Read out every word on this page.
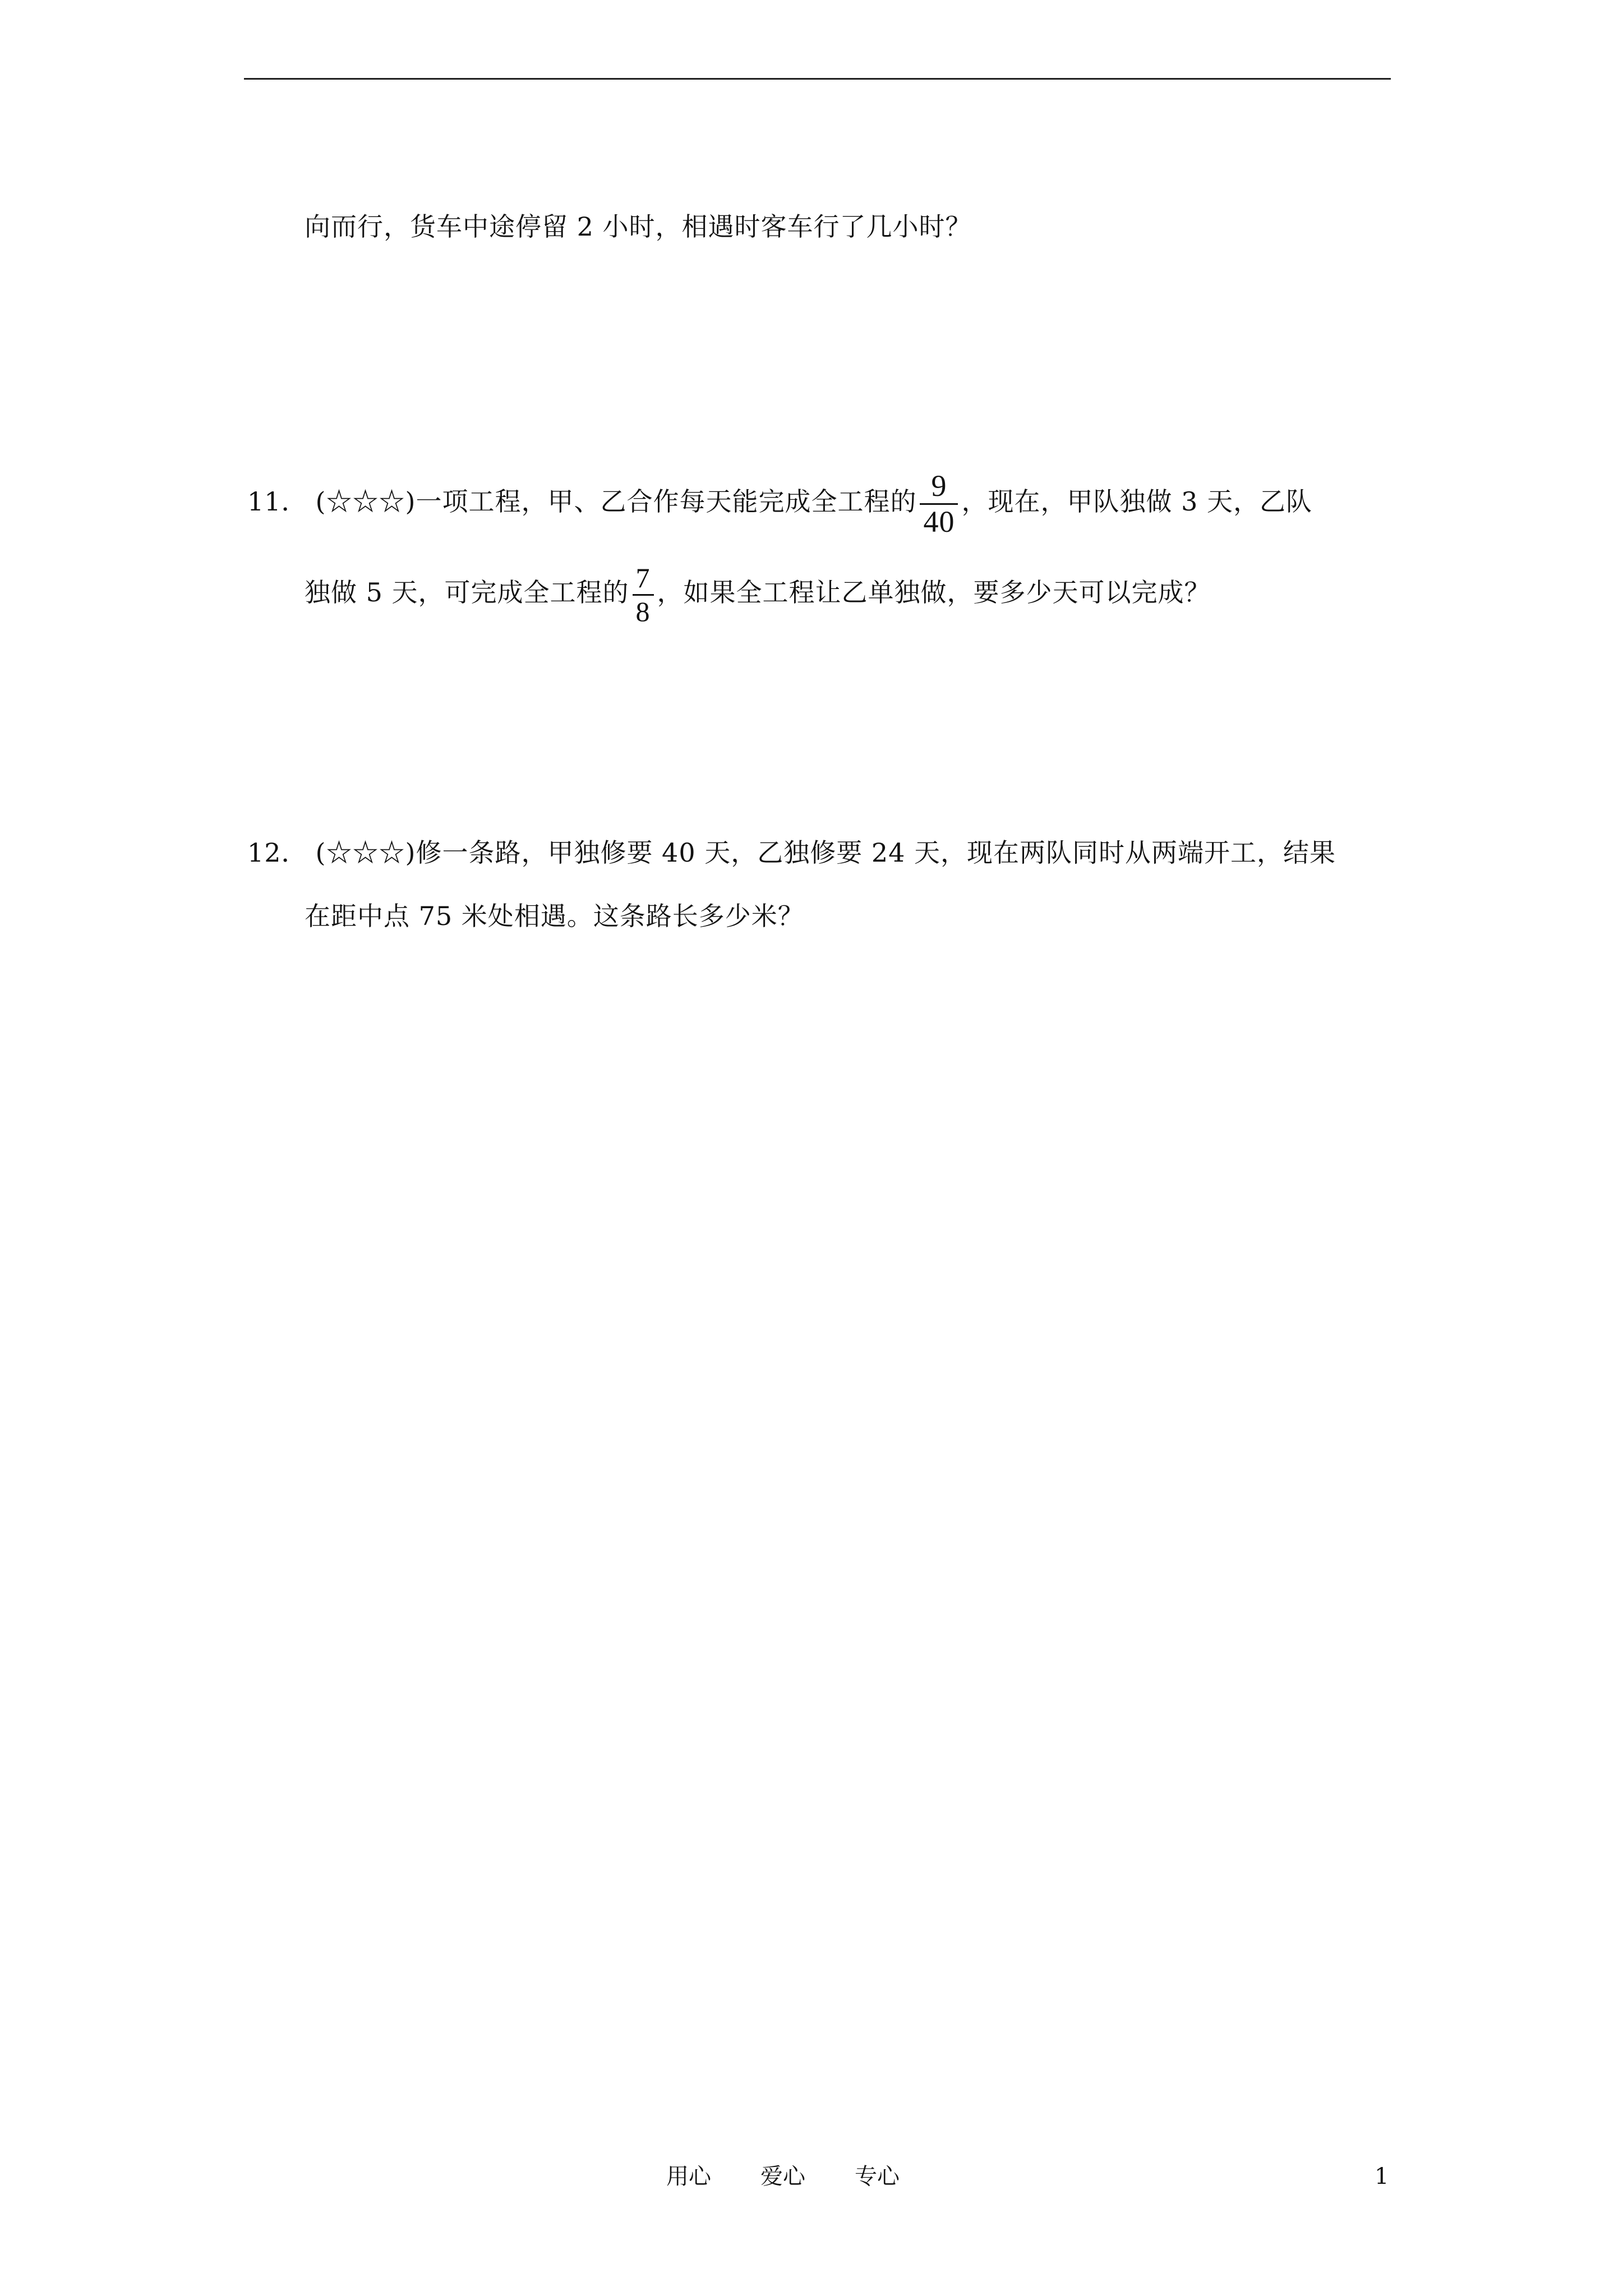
向而行，货车中途停留 2 小时，相遇时客车行了几小时？
11． (☆☆☆)一项工程，甲、乙合作每天能完成全工程的 $\frac{9}{40}$ ，现在，甲队独做 3 天，乙队
独做 5 天，可完成全工程的 $\frac{7}{8}$ ，如果全工程让乙单独做，要多少天可以完成？
12． (☆☆☆)修一条路，甲独修要 40 天，乙独修要 24 天，现在两队同时从两端开工，结果
在距中点 75 米处相遇。这条路长多少米？
用心 爱心 专心	1
